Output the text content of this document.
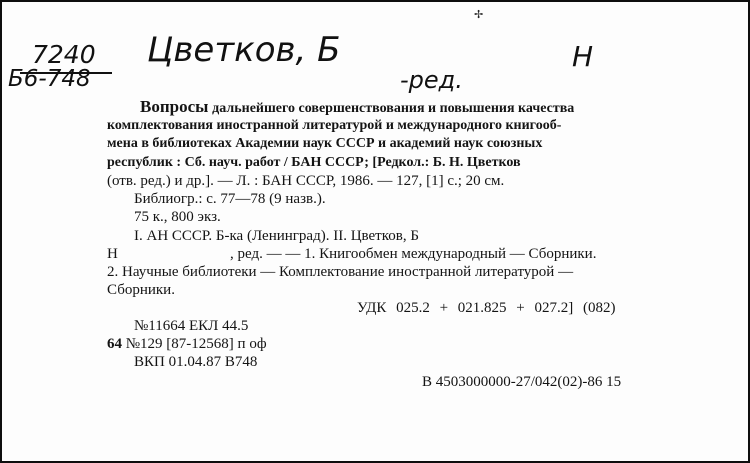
✢
7240
Б6-748
Цветков, Б	Н
-ред.
Вопросы дальнейшего совершенствования и повышения качества
комплектования иностранной литературой и международного книгооб-
мена в библиотеках Академии наук СССР и академий наук союзных
республик : Сб. науч. работ / БАН СССР; [Редкол.: Б. Н. Цветков
(отв. ред.) и др.]. — Л. : БАН СССР, 1986. — 127, [1] с.; 20 см.
Библиогр.: с. 77—78 (9 назв.).
75 к., 800 экз.
I. АН СССР. Б-ка (Ленинград). II. Цветков, Б
Н	, ред. — — 1. Книгообмен международный — Сборники.
2. Научные библиотеки — Комплектование иностранной литературой —
Сборники.
УДК 025.2 + 021.825 + 027.2] (082)
№11664 ЕКЛ 44.5
64 №129 [87-12568] п оф
ВКП 01.04.87 В748
В 4503000000-27/042(02)-86 15
